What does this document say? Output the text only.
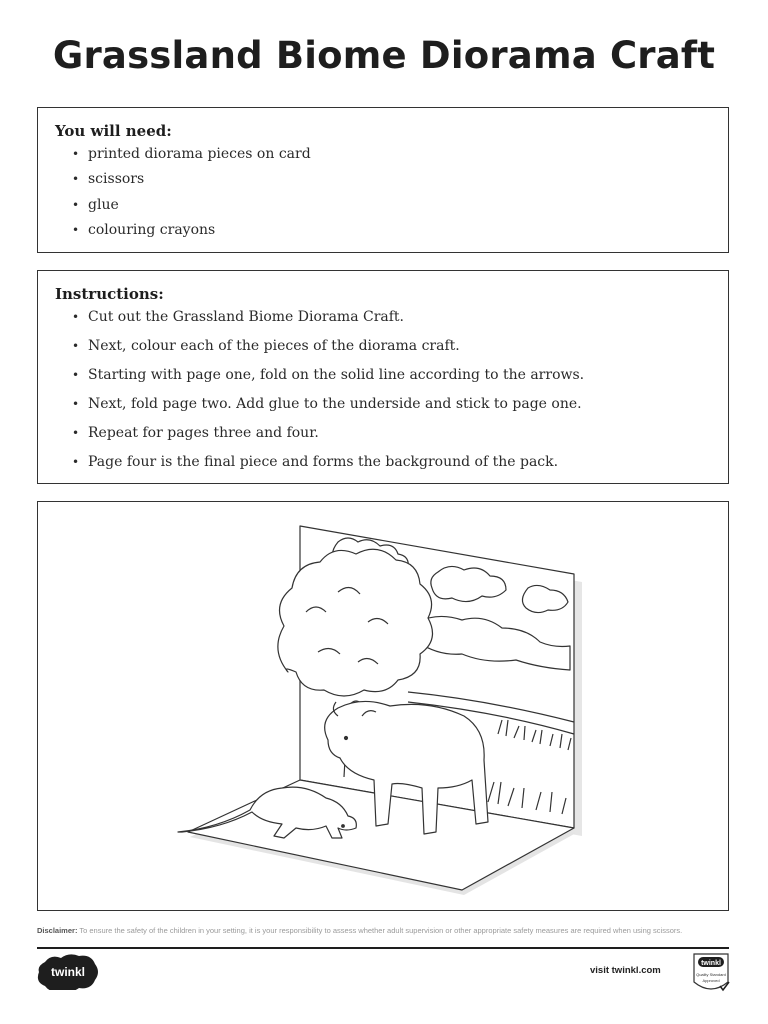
Grassland Biome Diorama Craft
You will need:
• printed diorama pieces on card
• scissors
• glue
• colouring crayons
Instructions:
• Cut out the Grassland Biome Diorama Craft.
• Next, colour each of the pieces of the diorama craft.
• Starting with page one, fold on the solid line according to the arrows.
• Next, fold page two. Add glue to the underside and stick to page one.
• Repeat for pages three and four.
• Page four is the final piece and forms the background of the pack.
Disclaimer: To ensure the safety of the children in your setting, it is your responsibility to assess whether adult supervision or other appropriate safety measures are required when using scissors.
twinkl	visit twinkl.com
twinkl
Quality Standard
Approved
